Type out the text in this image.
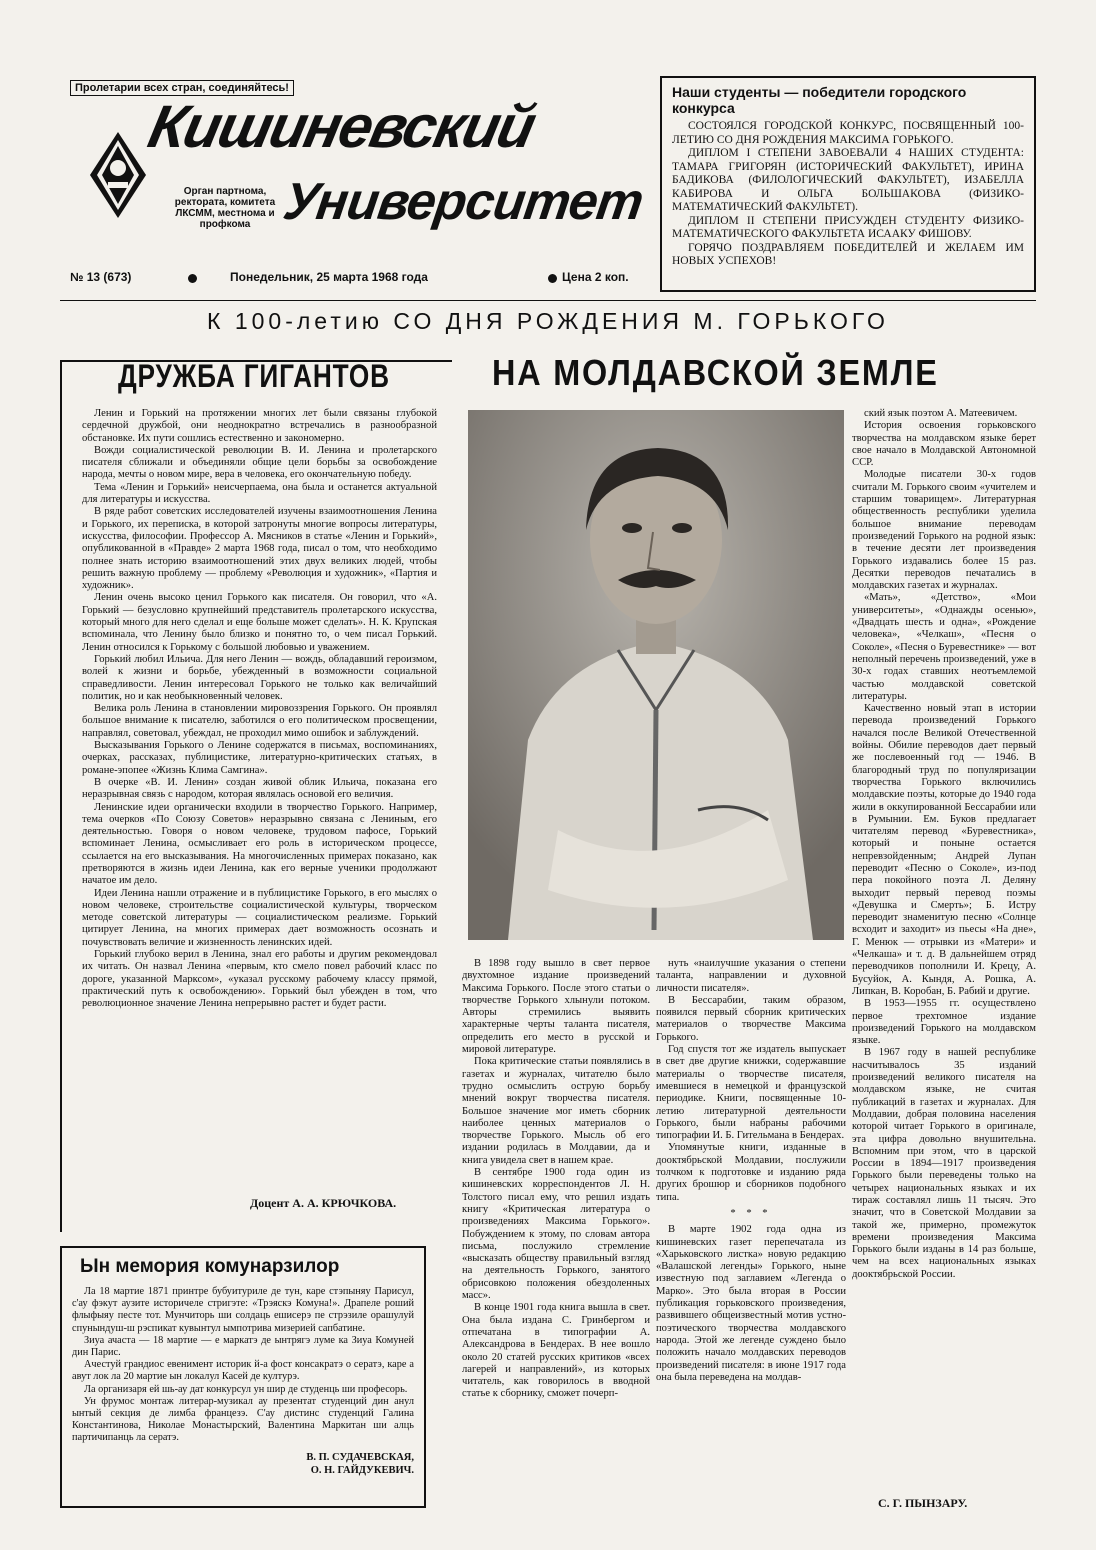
Пролетарии всех стран, соединяйтесь!
Кишиневский
Университет
Орган партнома, ректората, комитета ЛКСММ, местнома и профкома
№ 13 (673)	Понедельник, 25 марта 1968 года	Цена 2 коп.
Наши студенты — победители городского конкурса

СОСТОЯЛСЯ ГОРОДСКОЙ КОНКУРС, ПОСВЯЩЕННЫЙ 100-ЛЕТИЮ СО ДНЯ РОЖДЕНИЯ МАКСИМА ГОРЬКОГО.

ДИПЛОМ I СТЕПЕНИ ЗАВОЕВАЛИ 4 НАШИХ СТУДЕНТА: ТАМАРА ГРИГОРЯН (ИСТОРИЧЕСКИЙ ФАКУЛЬТЕТ), ИРИНА БАДИКОВА (ФИЛОЛОГИЧЕСКИЙ ФАКУЛЬТЕТ), ИЗАБЕЛЛА КАБИРОВА И ОЛЬГА БОЛЬШАКОВА (ФИЗИКО-МАТЕМАТИЧЕСКИЙ ФАКУЛЬТЕТ).

ДИПЛОМ II СТЕПЕНИ ПРИСУЖДЕН СТУДЕНТУ ФИЗИКО-МАТЕМАТИЧЕСКОГО ФАКУЛЬТЕТА ИСААКУ ФИШОВУ.

ГОРЯЧО ПОЗДРАВЛЯЕМ ПОБЕДИТЕЛЕЙ И ЖЕЛАЕМ ИМ НОВЫХ УСПЕХОВ!

К 100-летию СО ДНЯ РОЖДЕНИЯ М. ГОРЬКОГО
ДРУЖБА ГИГАНТОВ

Ленин и Горький на протяжении многих лет были связаны глубокой сердечной дружбой, они неоднократно встречались в разнообразной обстановке. Их пути сошлись естественно и закономерно.

Вожди социалистической революции В. И. Ленина и пролетарского писателя сближали и объединяли общие цели борьбы за освобождение народа, мечты о новом мире, вера в человека, его окончательную победу.

Тема «Ленин и Горький» неисчерпаема, она была и останется актуальной для литературы и искусства.

В ряде работ советских исследователей изучены взаимоотношения Ленина и Горького, их переписка, в которой затронуты многие вопросы литературы, искусства, философии. Профессор А. Мясников в статье «Ленин и Горький», опубликованной в «Правде» 2 марта 1968 года, писал о том, что необходимо полнее знать историю взаимоотношений этих двух великих людей, чтобы решить важную проблему — проблему «Революция и художник», «Партия и художник».

Ленин очень высоко ценил Горького как писателя. Он говорил, что «А. Горький — безусловно крупнейший представитель пролетарского искусства, который много для него сделал и еще больше может сделать». Н. К. Крупская вспоминала, что Ленину было близко и понятно то, о чем писал Горький. Ленин относился к Горькому с большой любовью и уважением.

Горький любил Ильича. Для него Ленин — вождь, обладавший героизмом, волей к жизни и борьбе, убежденный в возможности социальной справедливости. Ленин интересовал Горького не только как величайший политик, но и как необыкновенный человек.

Велика роль Ленина в становлении мировоззрения Горького. Он проявлял большое внимание к писателю, заботился о его политическом просвещении, направлял, советовал, убеждал, не проходил мимо ошибок и заблуждений.

Высказывания Горького о Ленине содержатся в письмах, воспоминаниях, очерках, рассказах, публицистике, литературно-критических статьях, в романе-эпопее «Жизнь Клима Самгина».

В очерке «В. И. Ленин» создан живой облик Ильича, показана его неразрывная связь с народом, которая являлась основой его величия.

Ленинские идеи органически входили в творчество Горького. Например, тема очерков «По Союзу Советов» неразрывно связана с Лениным, его деятельностью. Говоря о новом человеке, трудовом пафосе, Горький вспоминает Ленина, осмысливает его роль в историческом процессе, ссылается на его высказывания. На многочисленных примерах показано, как претворяются в жизнь идеи Ленина, как его верные ученики продолжают начатое им дело.

Идеи Ленина нашли отражение и в публицистике Горького, в его мыслях о новом человеке, строительстве социалистической культуры, творческом методе советской литературы — социалистическом реализме. Горький цитирует Ленина, на многих примерах дает возможность осознать и почувствовать величие и жизненность ленинских идей.

Горький глубоко верил в Ленина, знал его работы и другим рекомендовал их читать. Он назвал Ленина «первым, кто смело повел рабочий класс по дороге, указанной Марксом», «указал русскому рабочему классу прямой, практический путь к освобождению». Горький был убежден в том, что революционное значение Ленина непрерывно растет и будет расти.

Доцент А. А. КРЮЧКОВА.
Ын мемория комунарзилор

Ла 18 мартие 1871 принтре бубуитуриле де тун, каре стэпыняу Парисул, с'ау фэкут аузите историчеле стригэте: «Трэяскэ Комуна!». Драпеле роший флыфыяу песте тот. Мунчиторь ши солдаць ешисерэ пе стрэзиле орашулуй спунындуш-ш рэспикат кувынтул ымпотрива мизерией сапбатине.

Зиуа ачаста — 18 мартие — е маркатэ де ынтрягэ луме ка Зиуа Комуней дин Парис.

Ачестуй грандиос евенимент историк й-а фост консакратэ о сератэ, каре а авут лок ла 20 мартие ын локалул Касей де културэ.

Ла организаря ей шь-ау дат конкурсул ун шир де студенць ши професорь.

Ун фрумос монтаж литерар-музикал ау презентат студенций дин анул ынтый секция де лимба францезэ. С'ау дистинс студенций Галина Константинова, Николае Монастырский, Валентина Маркитан ши алць партичипанць ла сератэ.

В. П. СУДАЧЕВСКАЯ,
О. Н. ГАЙДУКЕВИЧ.
НА МОЛДАВСКОЙ ЗЕМЛЕ

В 1898 году вышло в свет первое двухтомное издание произведений Максима Горького. После этого статьи о творчестве Горького хлынули потоком. Авторы стремились выявить характерные черты таланта писателя, определить его место в русской и мировой литературе.

Пока критические статьи появлялись в газетах и журналах, читателю было трудно осмыслить острую борьбу мнений вокруг творчества писателя. Большое значение мог иметь сборник наиболее ценных материалов о творчестве Горького. Мысль об его издании родилась в Молдавии, да и книга увидела свет в нашем крае.

В сентябре 1900 года один из кишиневских корреспондентов Л. Н. Толстого писал ему, что решил издать книгу «Критическая литература о произведениях Максима Горького». Побуждением к этому, по словам автора письма, послужило стремление «высказать обществу правильный взгляд на деятельность Горького, занятого обрисовкою положения обездоленных масс».

В конце 1901 года книга вышла в свет. Она была издана С. Гринбергом и отпечатана в типографии А. Александрова в Бендерах. В нее вошло около 20 статей русских критиков «всех лагерей и направлений», из которых читатель, как говорилось в вводной статье к сборнику, сможет почерп-

нуть «наилучшие указания о степени таланта, направлении и духовной личности писателя».

В Бессарабии, таким образом, появился первый сборник критических материалов о творчестве Максима Горького.

Год спустя тот же издатель выпускает в свет две другие книжки, содержавшие материалы о творчестве писателя, имевшиеся в немецкой и французской периодике. Книги, посвященные 10-летию литературной деятельности Горького, были набраны рабочими типографии И. Б. Гительмана в Бендерах.

Упомянутые книги, изданные в дооктябрьской Молдавии, послужили толчком к подготовке и изданию ряда других брошюр и сборников подобного типа.

* * *

В марте 1902 года одна из кишиневских газет перепечатала из «Харьковского листка» новую редакцию «Валашской легенды» Горького, ныне известную под заглавием «Легенда о Марко». Это была вторая в России публикация горьковского произведения, развившего общеизвестный мотив устно-поэтического творчества молдавского народа. Этой же легенде суждено было положить начало молдавских переводов произведений писателя: в июне 1917 года она была переведена на молдав-

ский язык поэтом А. Матеевичем.

История освоения горьковского творчества на молдавском языке берет свое начало в Молдавской Автономной ССР.

Молодые писатели 30-х годов считали М. Горького своим «учителем и старшим товарищем». Литературная общественность республики уделила большое внимание переводам произведений Горького на родной язык: в течение десяти лет произведения Горького издавались более 15 раз. Десятки переводов печатались в молдавских газетах и журналах.

«Мать», «Детство», «Мои университеты», «Однажды осенью», «Двадцать шесть и одна», «Рождение человека», «Челкаш», «Песня о Соколе», «Песня о Буревестнике» — вот неполный перечень произведений, уже в 30-х годах ставших неотъемлемой частью молдавской советской литературы.

Качественно новый этап в истории перевода произведений Горького начался после Великой Отечественной войны. Обилие переводов дает первый же послевоенный год — 1946. В благородный труд по популяризации творчества Горького включились молдавские поэты, которые до 1940 года жили в оккупированной Бессарабии или в Румынии. Ем. Буков предлагает читателям перевод «Буревестника», который и поныне остается непревзойденным; Андрей Лупан переводит «Песню о Соколе», из-под пера покойного поэта Л. Деляну выходит первый перевод поэмы «Девушка и Смерть»; Б. Истру переводит знаменитую песню «Солнце всходит и заходит» из пьесы «На дне», Г. Менюк — отрывки из «Матери» и «Челкаша» и т. д. В дальнейшем отряд переводчиков пополнили И. Крецу, А. Бусуйок, А. Кындя, А. Рошка, А. Липкан, В. Коробан, Б. Рабий и другие.

В 1953—1955 гг. осуществлено первое трехтомное издание произведений Горького на молдавском языке.

В 1967 году в нашей республике насчитывалось 35 изданий произведений великого писателя на молдавском языке, не считая публикаций в газетах и журналах. Для Молдавии, добрая половина населения которой читает Горького в оригинале, эта цифра довольно внушительна. Вспомним при этом, что в царской России в 1894—1917 произведения Горького были переведены только на четырех национальных языках и их тираж составлял лишь 11 тысяч. Это значит, что в Советской Молдавии за такой же, примерно, промежуток времени произведения Максима Горького были изданы в 14 раз больше, чем на всех национальных языках дооктябрьской России.

С. Г. ПЫНЗАРУ.
